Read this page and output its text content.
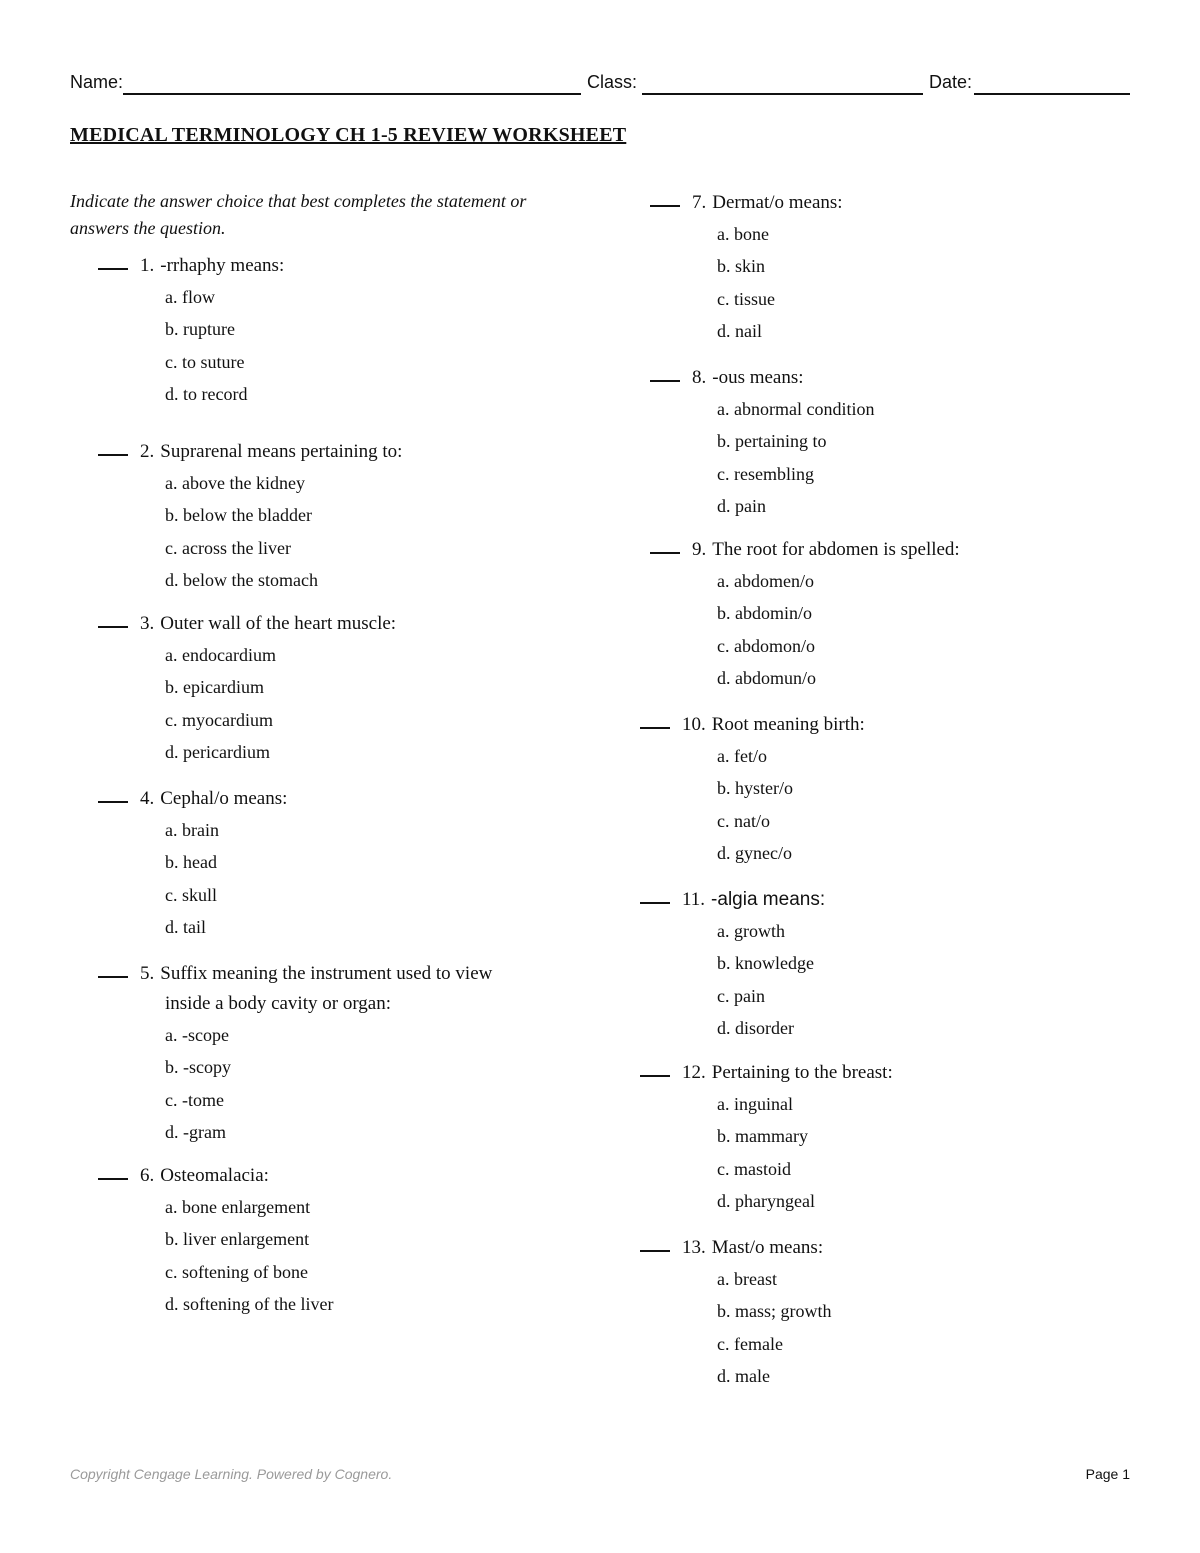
Name:	Class:	Date:
MEDICAL TERMINOLOGY CH 1-5 REVIEW WORKSHEET
Indicate the answer choice that best completes the statement or answers the question.
1. -rrhaphy means:
a. flow
b. rupture
c. to suture
d. to record
2. Suprarenal means pertaining to:
a. above the kidney
b. below the bladder
c. across the liver
d. below the stomach
3. Outer wall of the heart muscle:
a. endocardium
b. epicardium
c. myocardium
d. pericardium
4. Cephal/o means:
a. brain
b. head
c. skull
d. tail
5. Suffix meaning the instrument used to view
inside a body cavity or organ:
a. -scope
b. -scopy
c. -tome
d. -gram
6. Osteomalacia:
a. bone enlargement
b. liver enlargement
c. softening of bone
d. softening of the liver
7. Dermat/o means:
a. bone
b. skin
c. tissue
d. nail
8. -ous means:
a. abnormal condition
b. pertaining to
c. resembling
d. pain
9. The root for abdomen is spelled:
a. abdomen/o
b. abdomin/o
c. abdomon/o
d. abdomun/o
10. Root meaning birth:
a. fet/o
b. hyster/o
c. nat/o
d. gynec/o
11. -algia means:
a. growth
b. knowledge
c. pain
d. disorder
12. Pertaining to the breast:
a. inguinal
b. mammary
c. mastoid
d. pharyngeal
13. Mast/o means:
a. breast
b. mass; growth
c. female
d. male
Copyright Cengage Learning. Powered by Cognero.	Page 1
